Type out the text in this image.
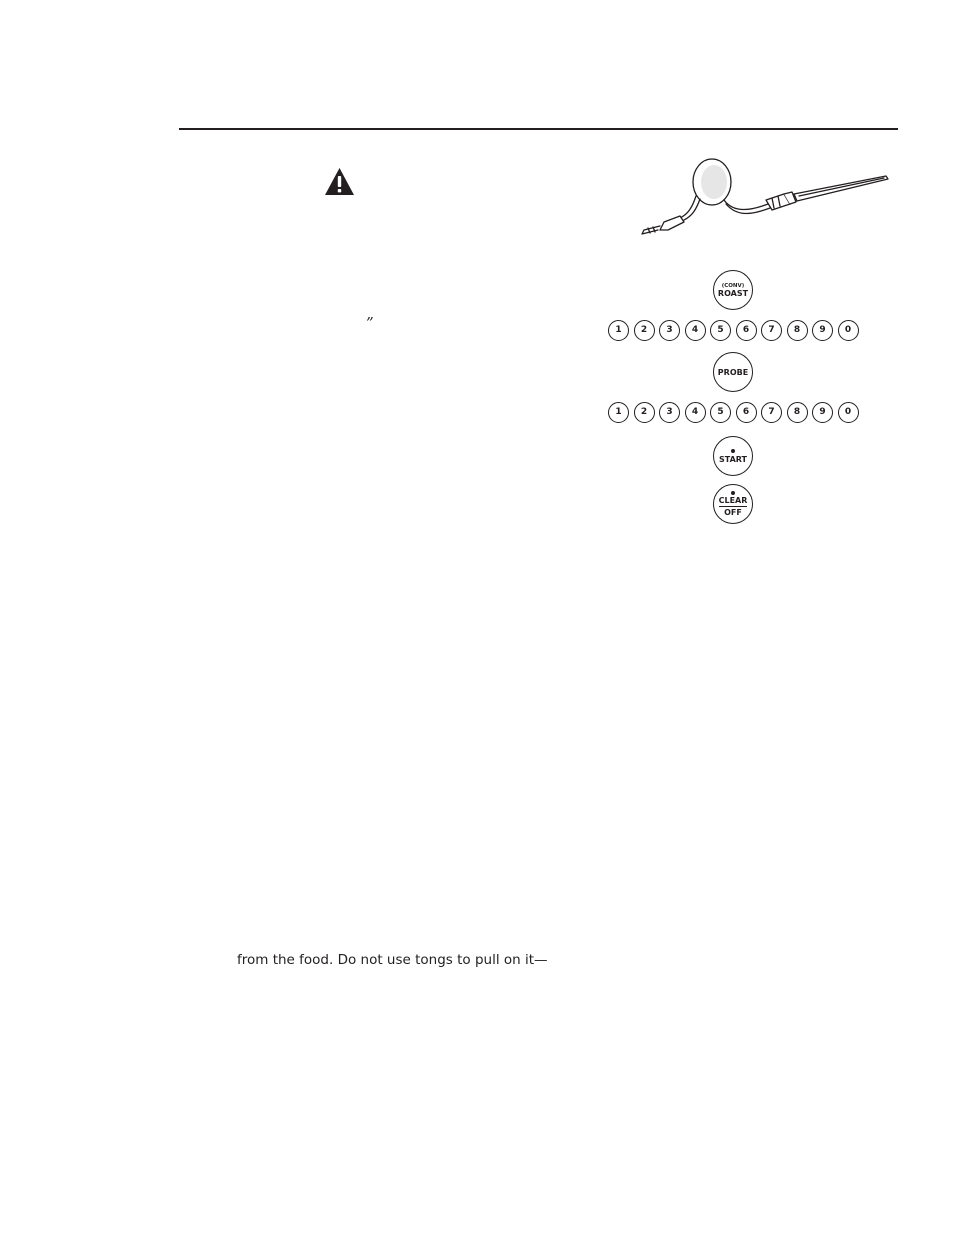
”
(CONV)
ROAST
1	2	3	4	5	6	7	8	9	0
PROBE
1	2	3	4	5	6	7	8	9	0
START
CLEAR
OFF
from the food. Do not use tongs to pull on it—
